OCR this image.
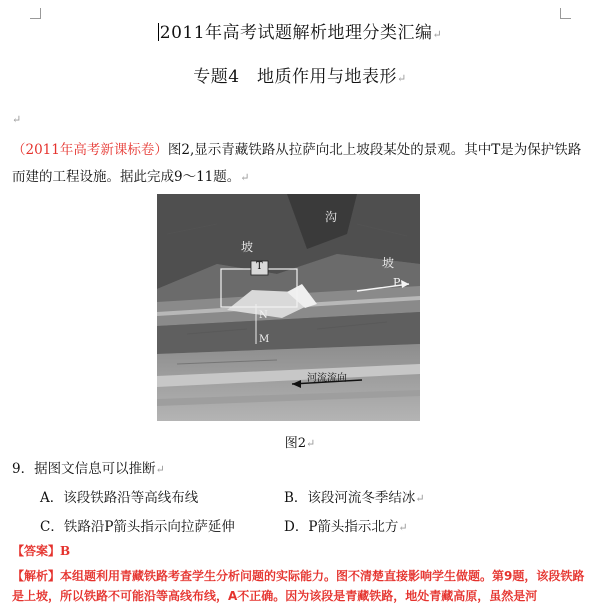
2011年高考试题解析地理分类汇编↵
专题4　地质作用与地表形↵
↵
（2011年高考新课标卷）图2,显示青藏铁路从拉萨向北上坡段某处的景观。其中T是为保护铁路而建的工程设施。据此完成9～11题。↵
沟
坡
坡
T
P
N
M
河流流向
图2↵
9．据图文信息可以推断↵
A．该段铁路沿等高线布线	B．该段河流冬季结冰↵
C．铁路沿P箭头指示向拉萨延伸	D．P箭头指示北方↵
【答案】B
【解析】本组题利用青藏铁路考查学生分析问题的实际能力。图不清楚直接影响学生做题。第9题，该段铁路是上坡，所以铁路不可能沿等高线布线，A不正确。因为该段是青藏铁路，地处青藏高原，虽然是河
